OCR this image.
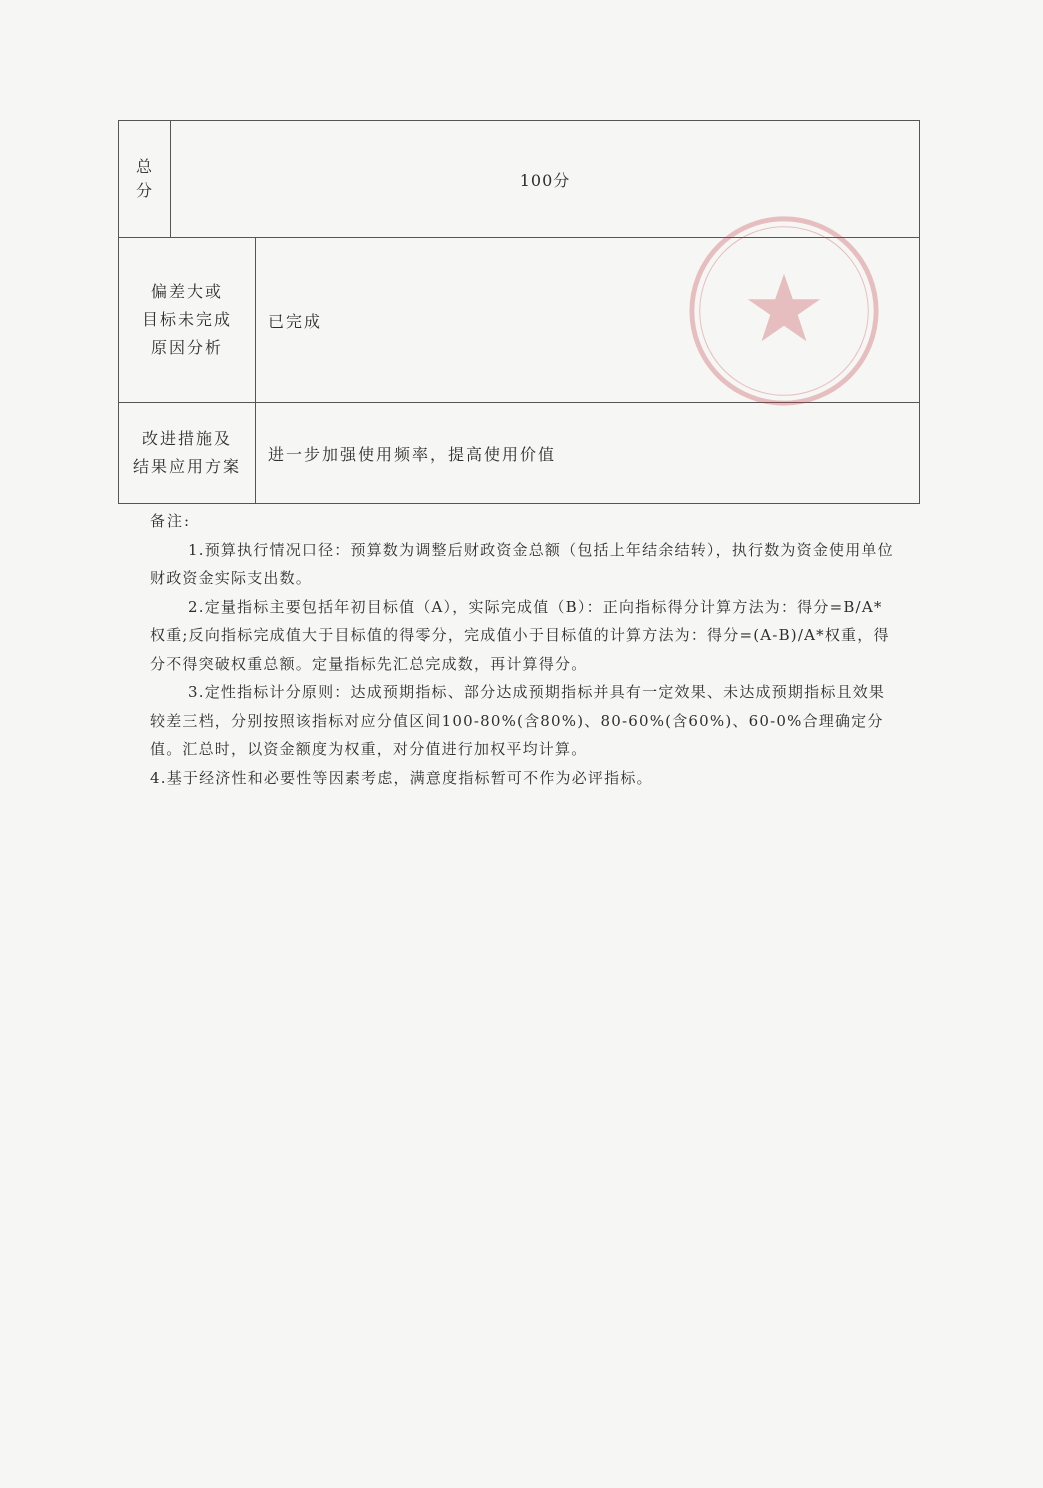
总
分
100分
偏差大或
目标未完成
原因分析
已完成
改进措施及
结果应用方案
进一步加强使用频率，提高使用价值

备注:

1.预算执行情况口径：预算数为调整后财政资金总额（包括上年结余结转），执行数为资金使用单位财政资金实际支出数。

2.定量指标主要包括年初目标值（A），实际完成值（B）：正向指标得分计算方法为：得分=B/A*权重;反向指标完成值大于目标值的得零分，完成值小于目标值的计算方法为：得分=(A-B)/A*权重，得分不得突破权重总额。定量指标先汇总完成数，再计算得分。

3.定性指标计分原则：达成预期指标、部分达成预期指标并具有一定效果、未达成预期指标且效果较差三档，分别按照该指标对应分值区间100-80%(含80%)、80-60%(含60%)、60-0%合理确定分值。汇总时，以资金额度为权重，对分值进行加权平均计算。

4.基于经济性和必要性等因素考虑，满意度指标暂可不作为必评指标。
